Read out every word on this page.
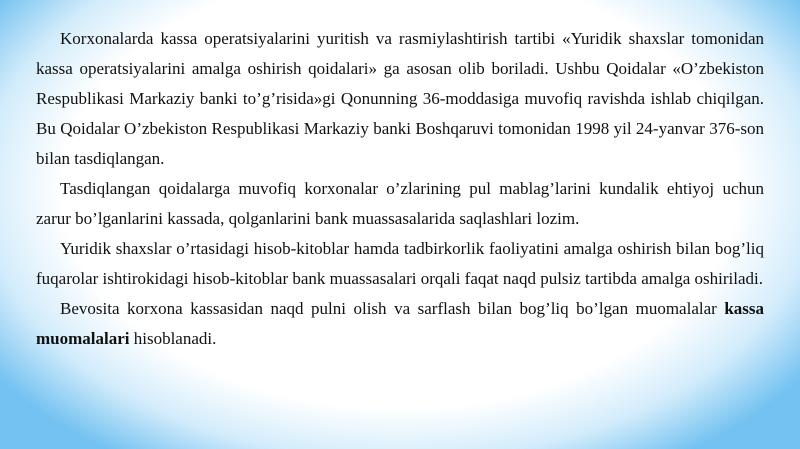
Korxonalarda kassa operatsiyalarini yuritish va rasmiylashtirish tartibi «Yuridik shaxslar tomonidan kassa operatsiyalarini amalga oshirish qoidalari» ga asosan olib boriladi. Ushbu Qoidalar «O’zbekiston Respublikasi Markaziy banki to’g’risida»gi Qonunning 36-moddasiga muvofiq ravishda ishlab chiqilgan. Bu Qoidalar O’zbekiston Respublikasi Markaziy banki Boshqaruvi tomonidan 1998 yil 24-yanvar 376-son bilan tasdiqlangan.

Tasdiqlangan qoidalarga muvofiq korxonalar o’zlarining pul mablag’larini kundalik ehtiyoj uchun zarur bo’lganlarini kassada, qolganlarini bank muassasalarida saqlashlari lozim.

Yuridik shaxslar o’rtasidagi hisob-kitoblar hamda tadbirkorlik faoliyatini amalga oshirish bilan bog’liq fuqarolar ishtirokidagi hisob-kitoblar bank muassasalari orqali faqat naqd pulsiz tartibda amalga oshiriladi.

Bevosita korxona kassasidan naqd pulni olish va sarflash bilan bog’liq bo’lgan muomalalar kassa muomalalari hisoblanadi.
